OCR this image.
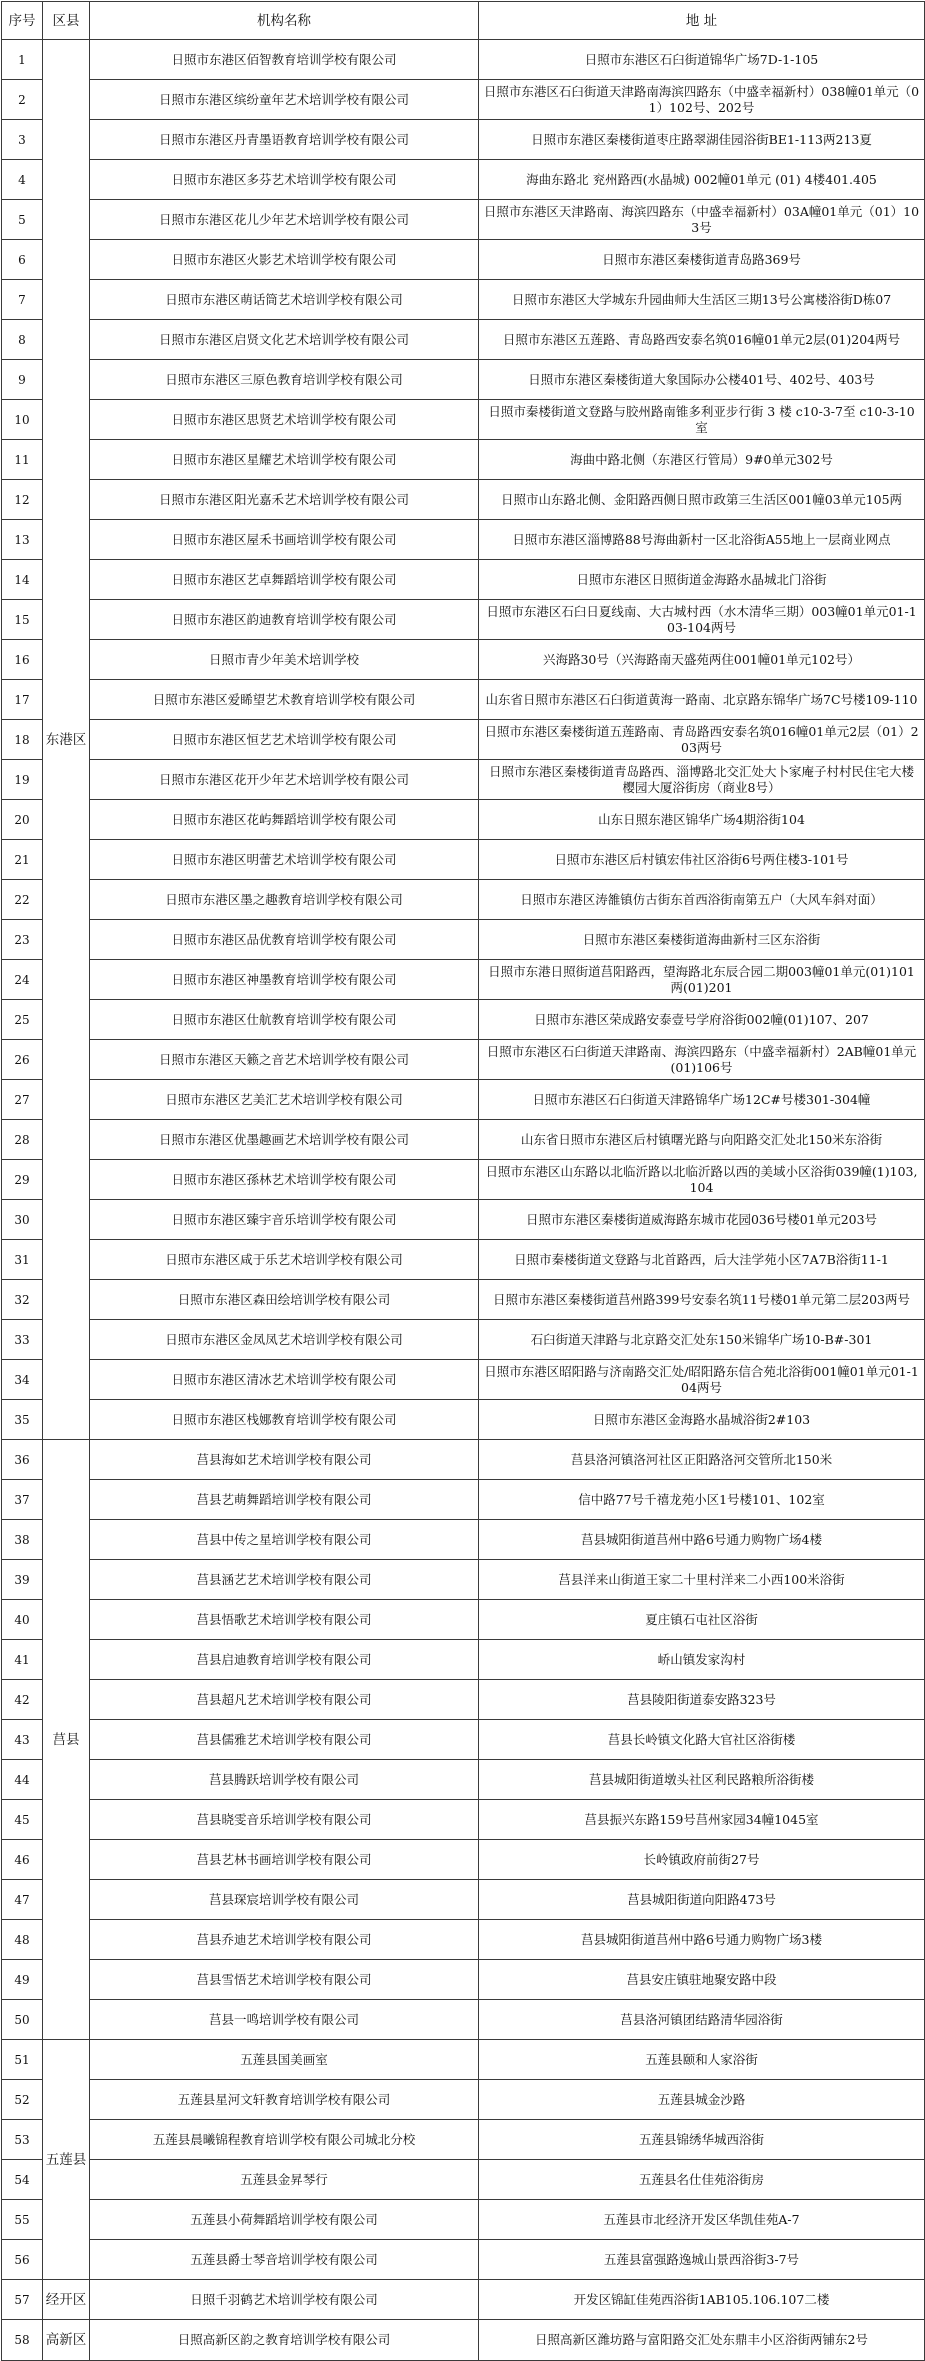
序号	区县	机构名称	地 址
1	东港区	日照市东港区佰智教育培训学校有限公司	日照市东港区石臼街道锦华广场7D-1-105
2		日照市东港区缤纷童年艺术培训学校有限公司	日照市东港区石臼街道天津路南海滨四路东（中盛幸福新村）038幢01单元（01）102号、202号
3		日照市东港区丹青墨语教育培训学校有限公司	日照市东港区秦楼街道枣庄路翠湖佳园浴街BE1-113两213夏
4		日照市东港区多芬艺术培训学校有限公司	海曲东路北 兖州路西(水晶城) 002幢01单元 (01) 4楼401.405
5		日照市东港区花儿少年艺术培训学校有限公司	日照市东港区天津路南、海滨四路东（中盛幸福新村）03A幢01单元（01）103号
6		日照市东港区火影艺术培训学校有限公司	日照市东港区秦楼街道青岛路369号
7		日照市东港区萌话筒艺术培训学校有限公司	日照市东港区大学城东升园曲师大生活区三期13号公寓楼浴街D栋07
8		日照市东港区启贤文化艺术培训学校有限公司	日照市东港区五莲路、青岛路西安泰名筑016幢01单元2层(01)204两号
9		日照市东港区三原色教育培训学校有限公司	日照市东港区秦楼街道大象国际办公楼401号、402号、403号
10		日照市东港区思贤艺术培训学校有限公司	日照市秦楼街道文登路与胶州路南锥多利亚步行街 3 楼 c10-3-7至 c10-3-10 室
11		日照市东港区星耀艺术培训学校有限公司	海曲中路北侧（东港区行管局）9#0单元302号
12		日照市东港区阳光嘉禾艺术培训学校有限公司	日照市山东路北侧、金阳路西侧日照市政第三生活区001幢03单元105两
13		日照市东港区屋禾书画培训学校有限公司	日照市东港区淄博路88号海曲新村一区北浴街A55地上一层商业网点
14		日照市东港区艺卓舞蹈培训学校有限公司	日照市东港区日照街道金海路水晶城北门浴街
15		日照市东港区韵迪教育培训学校有限公司	日照市东港区石臼日夏线南、大古城村西（水木清华三期）003幢01单元01-103-104两号
16		日照市青少年美术培训学校	兴海路30号（兴海路南天盛苑两住001幢01单元102号）
17		日照市东港区爱睎望艺术教育培训学校有限公司	山东省日照市东港区石臼街道黄海一路南、北京路东锦华广场7C号楼109-110
18		日照市东港区恒艺艺术培训学校有限公司	日照市东港区秦楼街道五莲路南、青岛路西安泰名筑016幢01单元2层（01）203两号
19		日照市东港区花开少年艺术培训学校有限公司	日照市东港区秦楼街道青岛路西、淄博路北交汇处大卜家庵子村村民住宅大楼樱园大厦浴街房（商业8号）
20		日照市东港区花屿舞蹈培训学校有限公司	山东日照东港区锦华广场4期浴街104
21		日照市东港区明蕾艺术培训学校有限公司	日照市东港区后村镇宏伟社区浴街6号两住楼3-101号
22		日照市东港区墨之趣教育培训学校有限公司	日照市东港区涛雒镇仿古街东首西浴街南第五户（大风车斜对面）
23		日照市东港区品优教育培训学校有限公司	日照市东港区秦楼街道海曲新村三区东浴街
24		日照市东港区神墨教育培训学校有限公司	日照市东港日照街道莒阳路西，望海路北东辰合园二期003幢01单元(01)101两(01)201
25		日照市东港区仕航教育培训学校有限公司	日照市东港区荣成路安泰壹号学府浴街002幢(01)107、207
26		日照市东港区天籁之音艺术培训学校有限公司	日照市东港区石臼街道天津路南、海滨四路东（中盛幸福新村）2AB幢01单元(01)106号
27		日照市东港区艺美汇艺术培训学校有限公司	日照市东港区石臼街道天津路锦华广场12C#号楼301-304幢
28		日照市东港区优墨趣画艺术培训学校有限公司	山东省日照市东港区后村镇曙光路与向阳路交汇处北150米东浴街
29		日照市东港区孫林艺术培训学校有限公司	日照市东港区山东路以北临沂路以北临沂路以西的美域小区浴街039幢(1)103,104
30		日照市东港区臻宇音乐培训学校有限公司	日照市东港区秦楼街道威海路东城市花园036号楼01单元203号
31		日照市东港区咸于乐艺术培训学校有限公司	日照市秦楼街道文登路与北首路西，后大洼学苑小区7A7B浴街11-1
32		日照市东港区森田绘培训学校有限公司	日照市东港区秦楼街道莒州路399号安泰名筑11号楼01单元第二层203两号
33		日照市东港区金凤凤艺术培训学校有限公司	石臼街道天津路与北京路交汇处东150米锦华广场10-B#-301
34		日照市东港区清冰艺术培训学校有限公司	日照市东港区昭阳路与济南路交汇处/昭阳路东信合苑北浴街001幢01单元01-104两号
35		日照市东港区栈娜教育培训学校有限公司	日照市东港区金海路水晶城浴街2#103
36	莒县	莒县海如艺术培训学校有限公司	莒县洛河镇洛河社区正阳路洛河交管所北150米
37		莒县艺萌舞蹈培训学校有限公司	信中路77号千禧龙苑小区1号楼101、102室
38		莒县中传之星培训学校有限公司	莒县城阳街道莒州中路6号通力购物广场4楼
39		莒县涵艺艺术培训学校有限公司	莒县洋来山街道王家二十里村洋来二小西100米浴街
40		莒县悟歌艺术培训学校有限公司	夏庄镇石屯社区浴街
41		莒县启迪教育培训学校有限公司	峤山镇发家沟村
42		莒县超凡艺术培训学校有限公司	莒县陵阳街道泰安路323号
43		莒县儒雅艺术培训学校有限公司	莒县长岭镇文化路大官社区浴街楼
44		莒县腾跃培训学校有限公司	莒县城阳街道墩头社区利民路粮所浴街楼
45		莒县晓雯音乐培训学校有限公司	莒县振兴东路159号莒州家园34幢1045室
46		莒县艺林书画培训学校有限公司	长岭镇政府前街27号
47		莒县琛宸培训学校有限公司	莒县城阳街道向阳路473号
48		莒县乔迪艺术培训学校有限公司	莒县城阳街道莒州中路6号通力购物广场3楼
49		莒县雪悟艺术培训学校有限公司	莒县安庄镇驻地聚安路中段
50		莒县一鸣培训学校有限公司	莒县洛河镇团结路清华园浴街
51	五莲县	五莲县国美画室	五莲县颐和人家浴街
52		五莲县星河文轩教育培训学校有限公司	五莲县城金沙路
53		五莲县晨曦锦程教育培训学校有限公司城北分校	五莲县锦绣华城西浴街
54		五莲县金昇琴行	五莲县名仕佳苑浴街房
55		五莲县小荷舞蹈培训学校有限公司	五莲县市北经济开发区华凯佳苑A-7
56		五莲县爵士琴音培训学校有限公司	五莲县富强路逸城山景西浴街3-7号
57	经开区	日照千羽鹤艺术培训学校有限公司	开发区锦缸佳苑西浴街1AB105.106.107二楼
58	高新区	日照高新区韵之教育培训学校有限公司	日照高新区潍坊路与富阳路交汇处东鼎丰小区浴街两铺东2号
